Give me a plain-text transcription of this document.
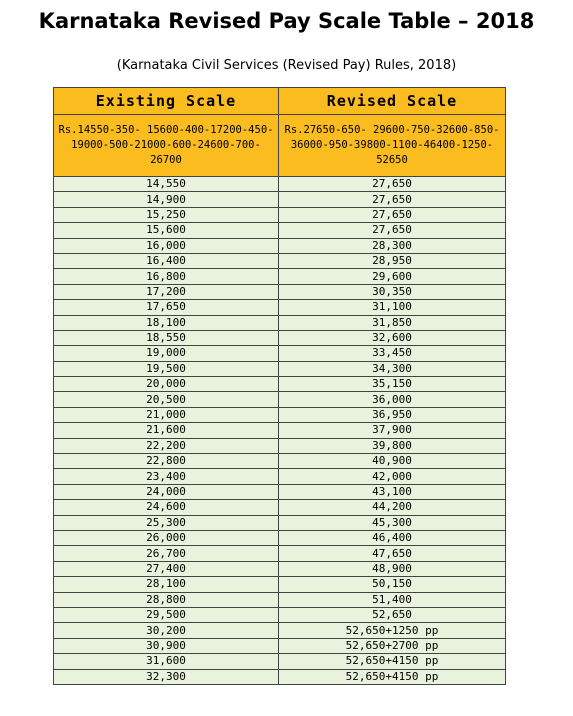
Karnataka Revised Pay Scale Table – 2018
(Karnataka Civil Services (Revised Pay) Rules, 2018)
Existing Scale	Revised Scale
Rs.14550-350- 15600-400-17200-450-19000-500-21000-600-24600-700-26700	Rs.27650-650- 29600-750-32600-850-36000-950-39800-1100-46400-1250-52650
14,550	27,650
14,900	27,650
15,250	27,650
15,600	27,650
16,000	28,300
16,400	28,950
16,800	29,600
17,200	30,350
17,650	31,100
18,100	31,850
18,550	32,600
19,000	33,450
19,500	34,300
20,000	35,150
20,500	36,000
21,000	36,950
21,600	37,900
22,200	39,800
22,800	40,900
23,400	42,000
24,000	43,100
24,600	44,200
25,300	45,300
26,000	46,400
26,700	47,650
27,400	48,900
28,100	50,150
28,800	51,400
29,500	52,650
30,200	52,650+1250 pp
30,900	52,650+2700 pp
31,600	52,650+4150 pp
32,300	52,650+4150 pp
